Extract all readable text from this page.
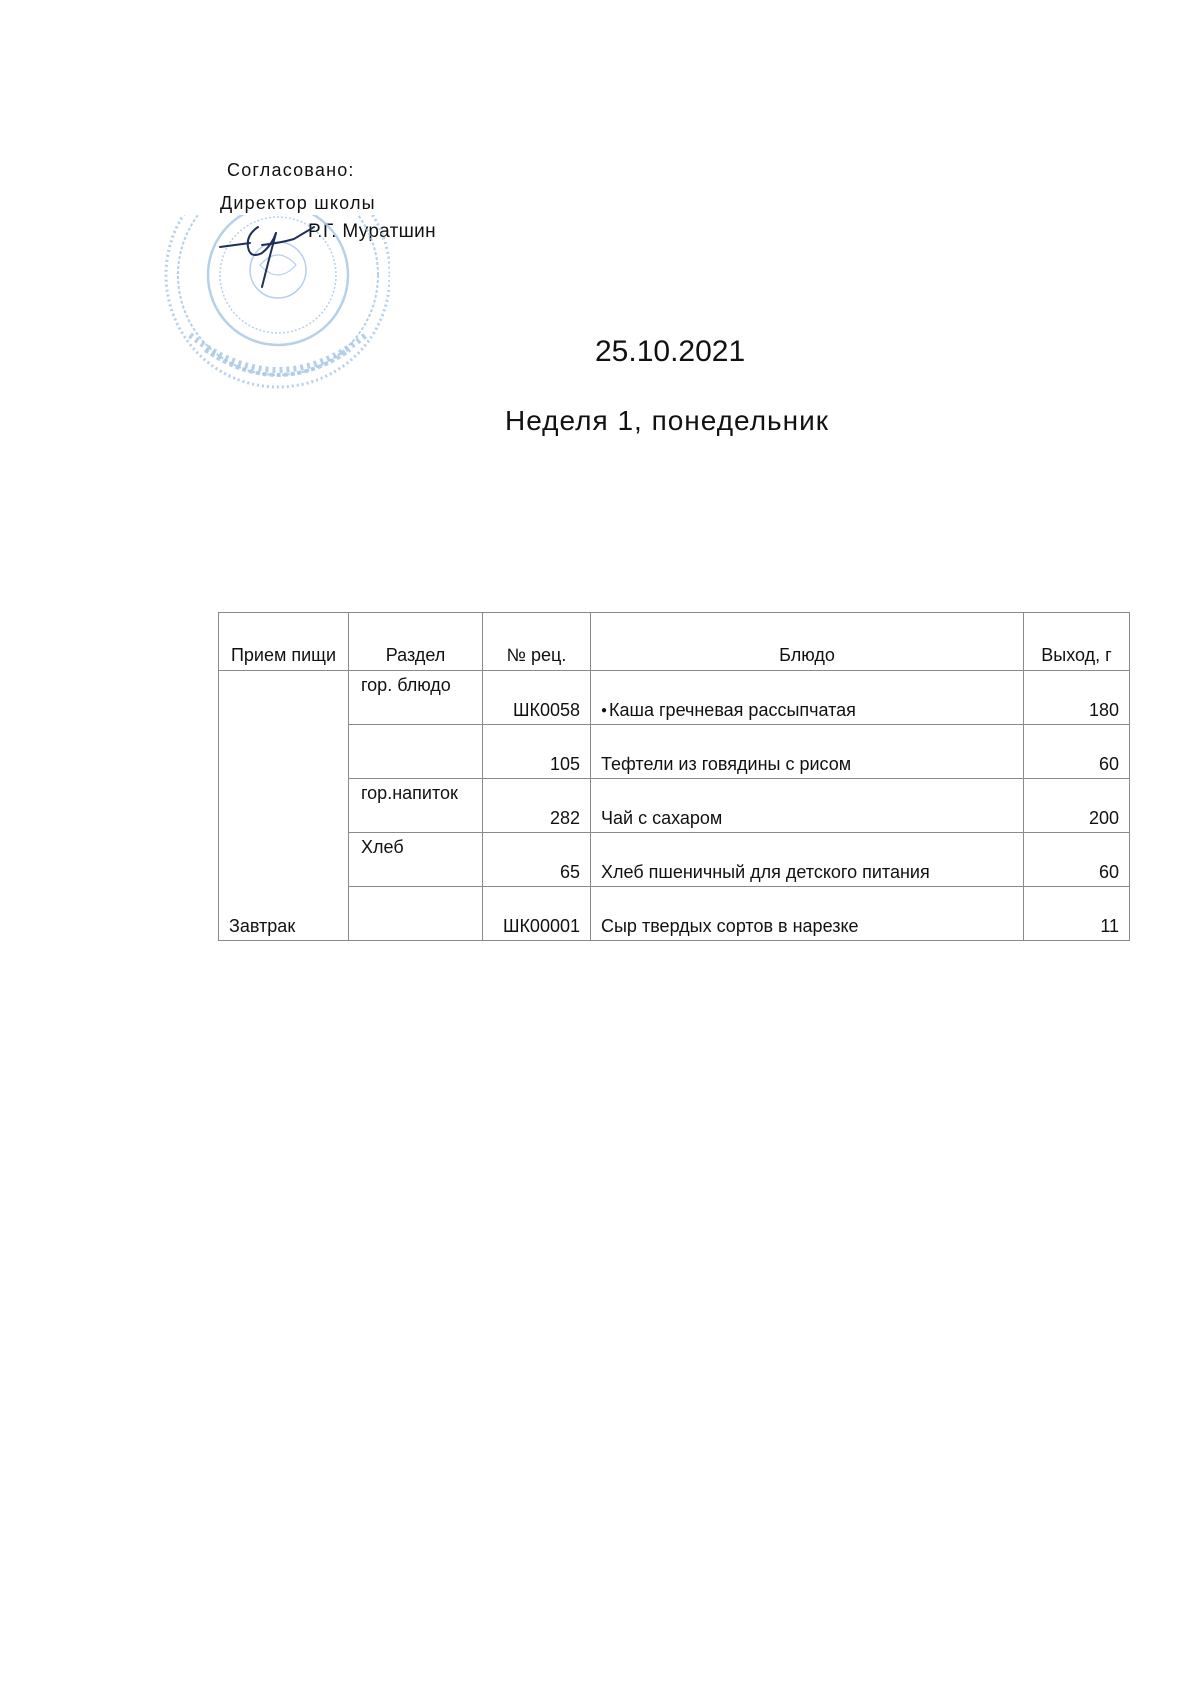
Согласовано:
Директор школы
Р.Г. Муратшин
25.10.2021
Неделя 1, понедельник
Прием пищи	Раздел	№ рец.	Блюдо	Выход, г
Завтрак	гор. блюдо	ШК0058	● Каша гречневая рассыпчатая	180

		105	Тефтели из говядины с рисом	60

	гор.напиток	282	Чай с сахаром	200

	Хлеб	65	Хлеб пшеничный для детского питания	60

		ШК00001	Сыр твердых сортов в нарезке	11
